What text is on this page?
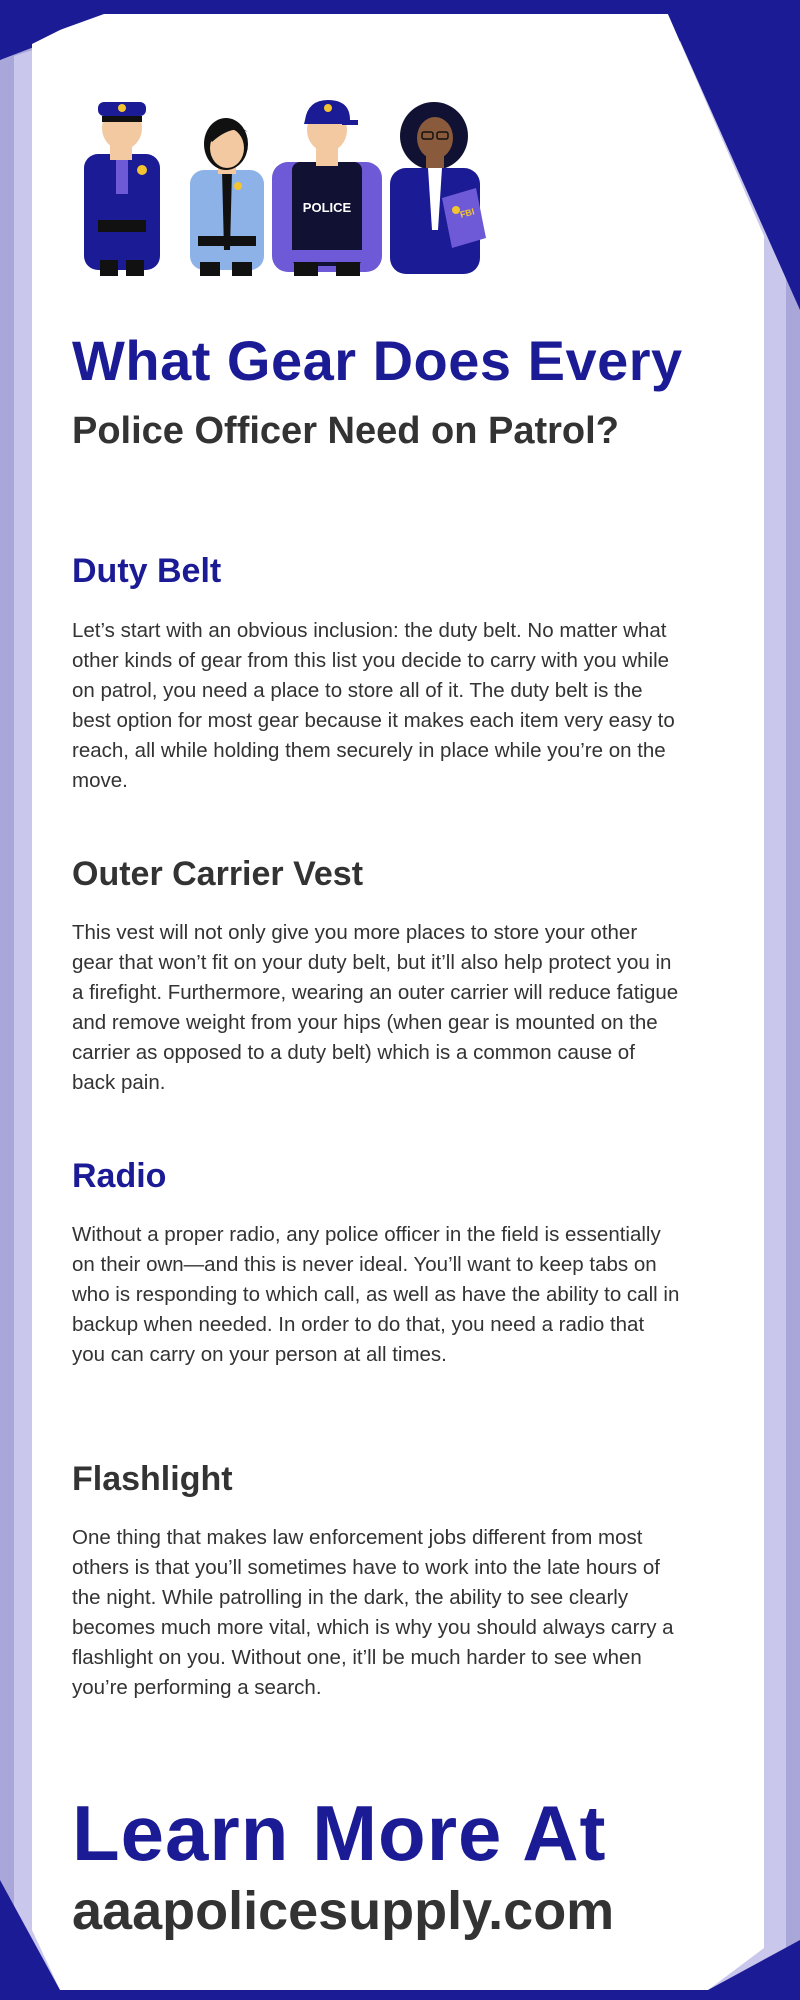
POLICE	FBI
What Gear Does Every
Police Officer Need on Patrol?
Duty Belt
Let’s start with an obvious inclusion: the duty belt. No matter what other kinds of gear from this list you decide to carry with you while on patrol, you need a place to store all of it. The duty belt is the best option for most gear because it makes each item very easy to reach, all while holding them securely in place while you’re on the move.
Outer Carrier Vest
This vest will not only give you more places to store your other gear that won’t fit on your duty belt, but it’ll also help protect you in a firefight. Furthermore, wearing an outer carrier will reduce fatigue and remove weight from your hips (when gear is mounted on the carrier as opposed to a duty belt) which is a common cause of back pain.
Radio
Without a proper radio, any police officer in the field is essentially on their own—and this is never ideal. You’ll want to keep tabs on who is responding to which call, as well as have the ability to call in backup when needed. In order to do that, you need a radio that you can carry on your person at all times.
Flashlight
One thing that makes law enforcement jobs different from most others is that you’ll sometimes have to work into the late hours of the night. While patrolling in the dark, the ability to see clearly becomes much more vital, which is why you should always carry a flashlight on you. Without one, it’ll be much harder to see when you’re performing a search.
Learn More At
aaapolicesupply.com
